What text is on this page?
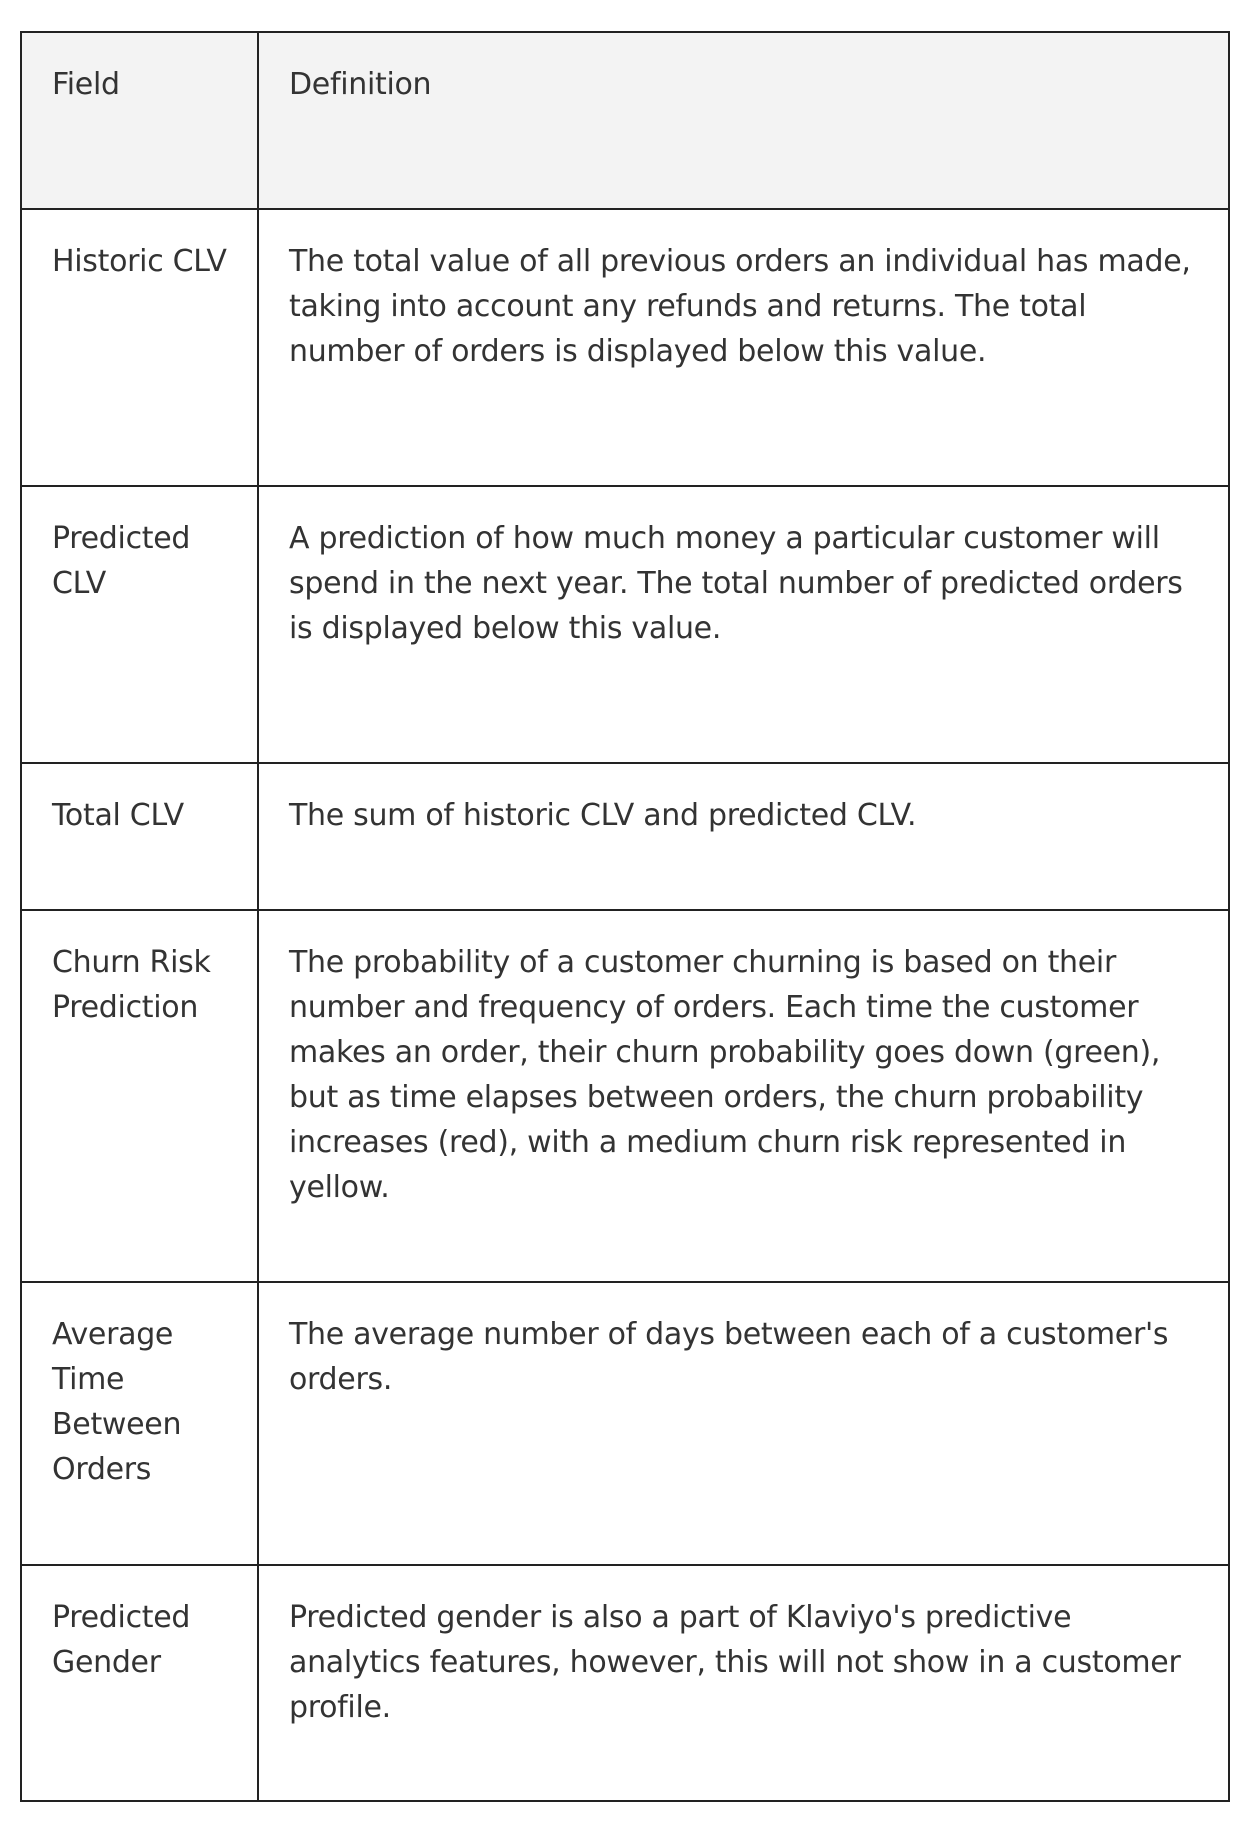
Field	Definition
Historic CLV	The total value of all previous orders an individual has made, taking into account any refunds and returns. The total number of orders is displayed below this value.
Predicted CLV	A prediction of how much money a particular customer will spend in the next year. The total number of predicted orders is displayed below this value.
Total CLV	The sum of historic CLV and predicted CLV.
Churn Risk Prediction	The probability of a customer churning is based on their number and frequency of orders. Each time the customer makes an order, their churn probability goes down (green), but as time elapses between orders, the churn probability increases (red), with a medium churn risk represented in yellow.
Average Time Between Orders	The average number of days between each of a customer's orders.
Predicted Gender	Predicted gender is also a part of Klaviyo's predictive analytics features, however, this will not show in a customer profile.
